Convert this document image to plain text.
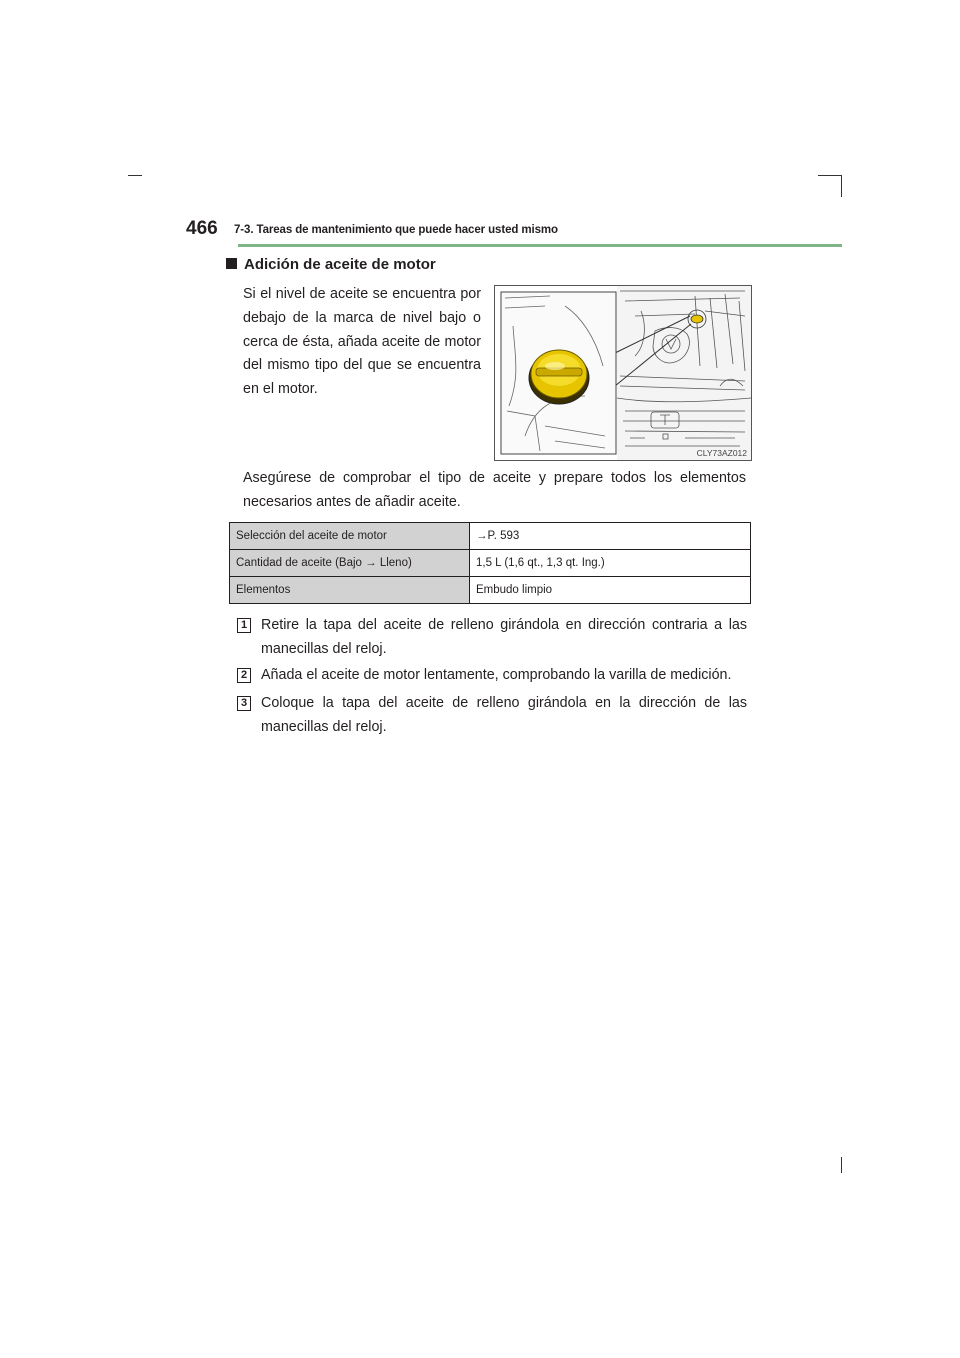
466 7-3. Tareas de mantenimiento que puede hacer usted mismo
Adición de aceite de motor

Si el nivel de aceite se encuentra por debajo de la marca de nivel bajo o cerca de ésta, añada aceite de motor del mismo tipo del que se encuentra en el motor.

CLY73AZ012

Asegúrese de comprobar el tipo de aceite y prepare todos los elementos necesarios antes de añadir aceite.

Selección del aceite de motor	→P. 593
Cantidad de aceite (Bajo → Lleno)	1,5 L (1,6 qt., 1,3 qt. Ing.)
Elementos	Embudo limpio
1 Retire la tapa del aceite de relleno girándola en dirección contraria a las manecillas del reloj.
2 Añada el aceite de motor lentamente, comprobando la varilla de medición.
3 Coloque la tapa del aceite de relleno girándola en la dirección de las manecillas del reloj.
